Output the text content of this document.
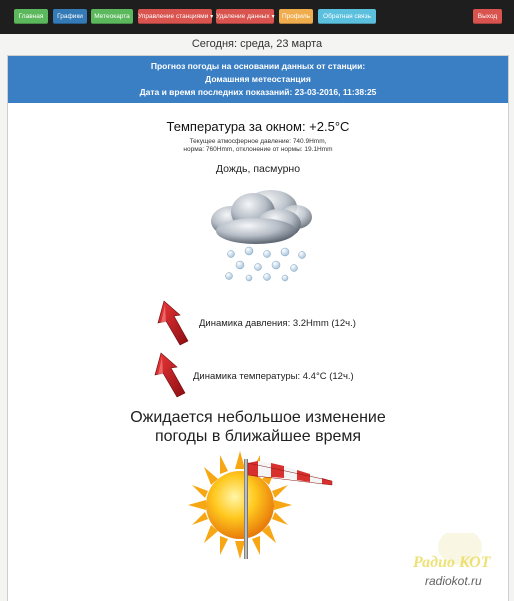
Главная	Графики	Метеокарта	Управление станциями▼ Удаление данных▼ Профиль	Обратная связь	Выход
Сегодня: среда, 23 марта
Прогноз погоды на основании данных от станции:
Домашняя метеостанция
Дата и время последних показаний: 23-03-2016, 11:38:25
Температура за окном: +2.5°C
Текущее атмосферное давление: 740.9Hmm,
норма: 760Hmm, отклонение от нормы: 19.1Hmm
Дождь, пасмурно
Динамика давления: 3.2Hmm (12ч.)
Динамика температуры: 4.4°C (12ч.)
Ожидается небольшое изменение
погоды в ближайшее время
Радио КОТ
radiokot.ru
